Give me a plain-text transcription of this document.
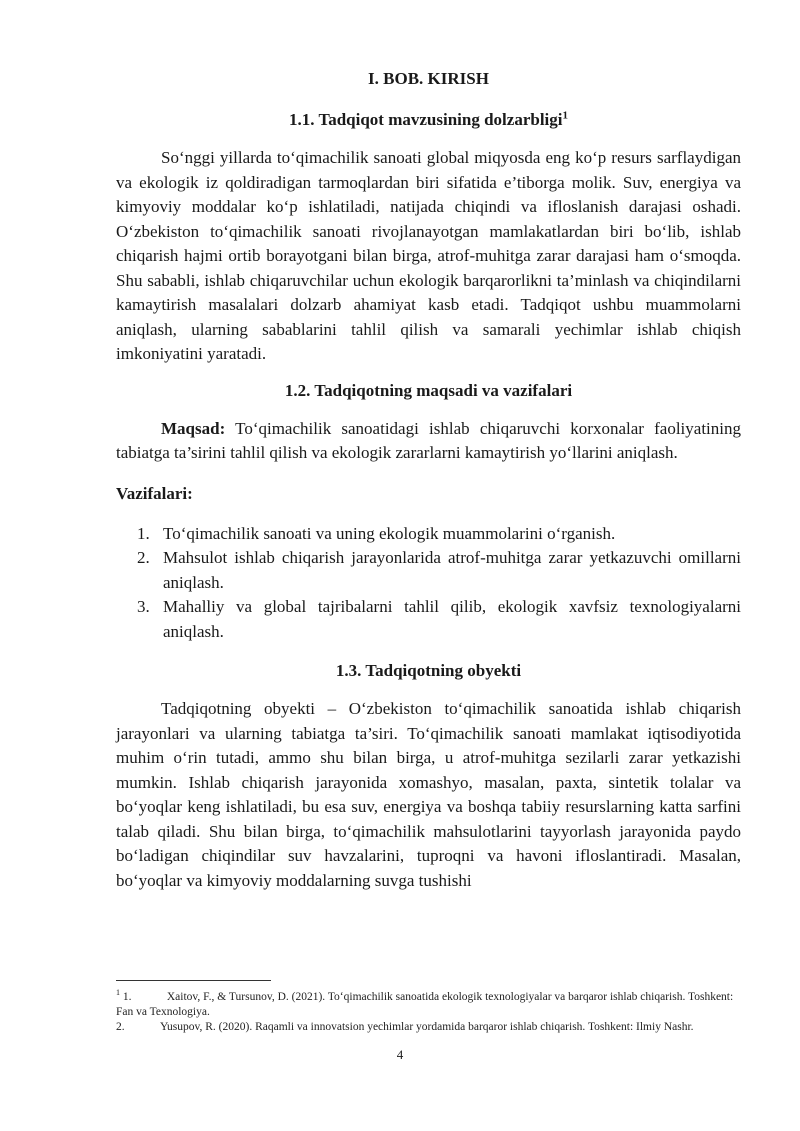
I. BOB. KIRISH
1.1. Tadqiqot mavzusining dolzarbligi$^1$

So‘nggi yillarda to‘qimachilik sanoati global miqyosda eng ko‘p resurs sarflaydigan va ekologik iz qoldiradigan tarmoqlardan biri sifatida e’tiborga molik. Suv, energiya va kimyoviy moddalar ko‘p ishlatiladi, natijada chiqindi va ifloslanish darajasi oshadi. O‘zbekiston to‘qimachilik sanoati rivojlanayotgan mamlakatlardan biri bo‘lib, ishlab chiqarish hajmi ortib borayotgani bilan birga, atrof-muhitga zarar darajasi ham o‘smoqda. Shu sababli, ishlab chiqaruvchilar uchun ekologik barqarorlikni ta’minlash va chiqindilarni kamaytirish masalalari dolzarb ahamiyat kasb etadi. Tadqiqot ushbu muammolarni aniqlash, ularning sabablarini tahlil qilish va samarali yechimlar ishlab chiqish imkoniyatini yaratadi.

1.2. Tadqiqotning maqsadi va vazifalari

Maqsad: To‘qimachilik sanoatidagi ishlab chiqaruvchi korxonalar faoliyatining tabiatga ta’sirini tahlil qilish va ekologik zararlarni kamaytirish yo‘llarini aniqlash.

Vazifalari:

1. To‘qimachilik sanoati va uning ekologik muammolarini o‘rganish.
2. Mahsulot ishlab chiqarish jarayonlarida atrof-muhitga zarar yetkazuvchi omillarni aniqlash.
3. Mahalliy va global tajribalarni tahlil qilib, ekologik xavfsiz texnologiyalarni aniqlash.
1.3. Tadqiqotning obyekti

Tadqiqotning obyekti – O‘zbekiston to‘qimachilik sanoatida ishlab chiqarish jarayonlari va ularning tabiatga ta’siri. To‘qimachilik sanoati mamlakat iqtisodiyotida muhim o‘rin tutadi, ammo shu bilan birga, u atrof-muhitga sezilarli zarar yetkazishi mumkin. Ishlab chiqarish jarayonida xomashyo, masalan, paxta, sintetik tolalar va bo‘yoqlar keng ishlatiladi, bu esa suv, energiya va boshqa tabiiy resurslarning katta sarfini talab qiladi. Shu bilan birga, to‘qimachilik mahsulotlarini tayyorlash jarayonida paydo bo‘ladigan chiqindilar suv havzalarini, tuproqni va havoni ifloslantiradi. Masalan, bo‘yoqlar va kimyoviy moddalarning suvga tushishi

$^1$ 1.	Xaitov, F., & Tursunov, D. (2021). To‘qimachilik sanoatida ekologik texnologiyalar va barqaror ishlab chiqarish. Toshkent: Fan va Texnologiya.

2.	Yusupov, R. (2020). Raqamli va innovatsion yechimlar yordamida barqaror ishlab chiqarish. Toshkent: Ilmiy Nashr.

4
